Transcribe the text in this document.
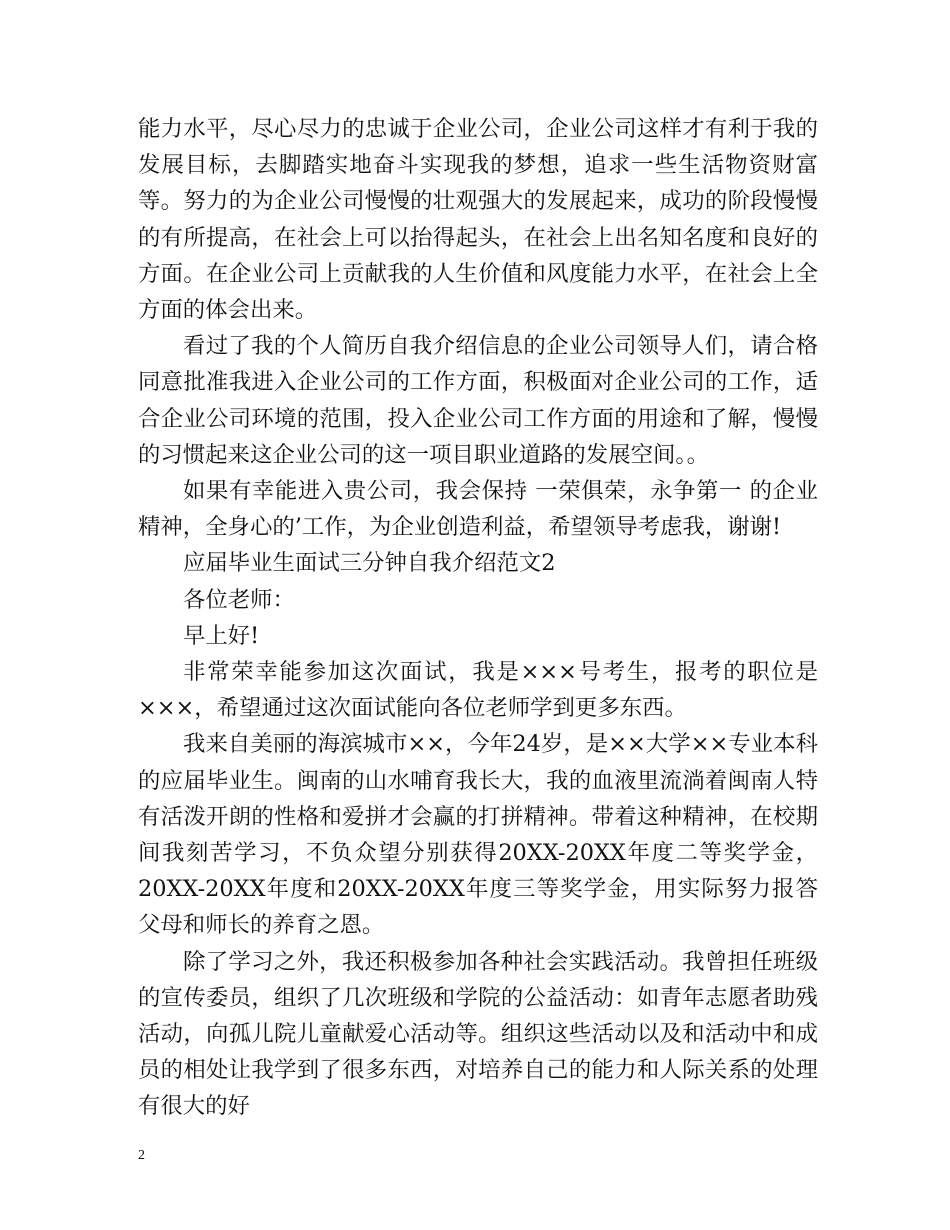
能力水平，尽心尽力的忠诚于企业公司，企业公司这样才有利于我的发展目标，去脚踏实地奋斗实现我的梦想，追求一些生活物资财富等。努力的为企业公司慢慢的壮观强大的发展起来，成功的阶段慢慢的有所提高，在社会上可以抬得起头，在社会上出名知名度和良好的方面。在企业公司上贡献我的人生价值和风度能力水平，在社会上全方面的体会出来。

看过了我的个人简历自我介绍信息的企业公司领导人们，请合格同意批准我进入企业公司的工作方面，积极面对企业公司的工作，适合企业公司环境的范围，投入企业公司工作方面的用途和了解，慢慢的习惯起来这企业公司的这一项目职业道路的发展空间。。

如果有幸能进入贵公司，我会保持 一荣俱荣，永争第一 的企业精神，全身心的’工作，为企业创造利益，希望领导考虑我，谢谢!

应届毕业生面试三分钟自我介绍范文2

各位老师：

早上好!

非常荣幸能参加这次面试，我是×××号考生，报考的职位是×××，希望通过这次面试能向各位老师学到更多东西。

我来自美丽的海滨城市××，今年24岁，是××大学××专业本科的应届毕业生。闽南的山水哺育我长大，我的血液里流淌着闽南人特有活泼开朗的性格和爱拼才会赢的打拼精神。带着这种精神，在校期间我刻苦学习，不负众望分别获得20XX-20XX年度二等奖学金，20XX-20XX年度和20XX-20XX年度三等奖学金，用实际努力报答父母和师长的养育之恩。

除了学习之外，我还积极参加各种社会实践活动。我曾担任班级的宣传委员，组织了几次班级和学院的公益活动：如青年志愿者助残活动，向孤儿院儿童献爱心活动等。组织这些活动以及和活动中和成员的相处让我学到了很多东西，对培养自己的能力和人际关系的处理有很大的好

2
